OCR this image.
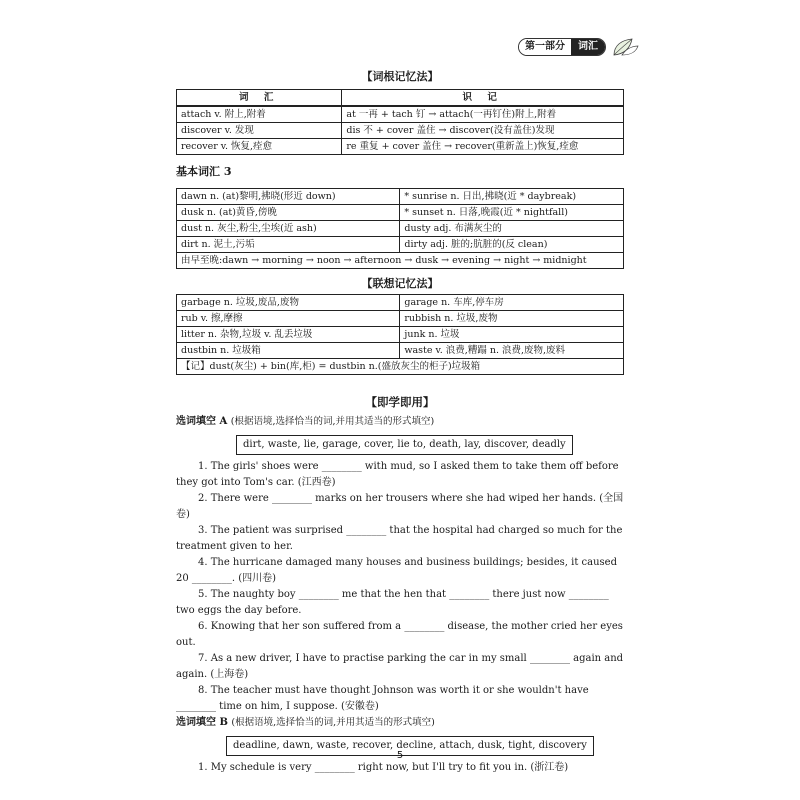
第一部分	词汇
【词根记忆法】
词 汇	识 记
attach v. 附上,附着	at 一再 + tach 钉 → attach(一再钉住)附上,附着
discover v. 发现	dis 不 + cover 盖住 → discover(没有盖住)发现
recover v. 恢复,痊愈	re 重复 + cover 盖住 → recover(重新盖上)恢复,痊愈
基本词汇 3
dawn n. (at)黎明,拂晓(形近 down)	* sunrise n. 日出,拂晓(近 * daybreak)
dusk n. (at)黄昏,傍晚	* sunset n. 日落,晚霞(近 * nightfall)
dust n. 灰尘,粉尘,尘埃(近 ash)	dusty adj. 布满灰尘的
dirt n. 泥土,污垢	dirty adj. 脏的;肮脏的(反 clean)
由早至晚:dawn → morning → noon → afternoon → dusk → evening → night → midnight	
【联想记忆法】
garbage n. 垃圾,废品,废物	garage n. 车库,停车房
rub v. 擦,摩擦	rubbish n. 垃圾,废物
litter n. 杂物,垃圾 v. 乱丢垃圾	junk n. 垃圾
dustbin n. 垃圾箱	waste v. 浪费,糟蹋 n. 浪费,废物,废料
【记】dust(灰尘) + bin(库,柜) = dustbin n.(盛放灰尘的柜子)垃圾箱	
【即学即用】

选词填空 A (根据语境,选择恰当的词,并用其适当的形式填空)

dirt, waste, lie, garage, cover, lie to, death, lay, discover, deadly

1. The girls' shoes were ________ with mud, so I asked them to take them off before they got into Tom's car. (江西卷)

2. There were ________ marks on her trousers where she had wiped her hands. (全国卷)

3. The patient was surprised ________ that the hospital had charged so much for the treatment given to her.

4. The hurricane damaged many houses and business buildings; besides, it caused 20 ________. (四川卷)

5. The naughty boy ________ me that the hen that ________ there just now ________ two eggs the day before.

6. Knowing that her son suffered from a ________ disease, the mother cried her eyes out.

7. As a new driver, I have to practise parking the car in my small ________ again and again. (上海卷)

8. The teacher must have thought Johnson was worth it or she wouldn't have ________ time on him, I suppose. (安徽卷)

选词填空 B (根据语境,选择恰当的词,并用其适当的形式填空)

deadline, dawn, waste, recover, decline, attach, dusk, tight, discovery

1. My schedule is very ________ right now, but I'll try to fit you in. (浙江卷)

5
